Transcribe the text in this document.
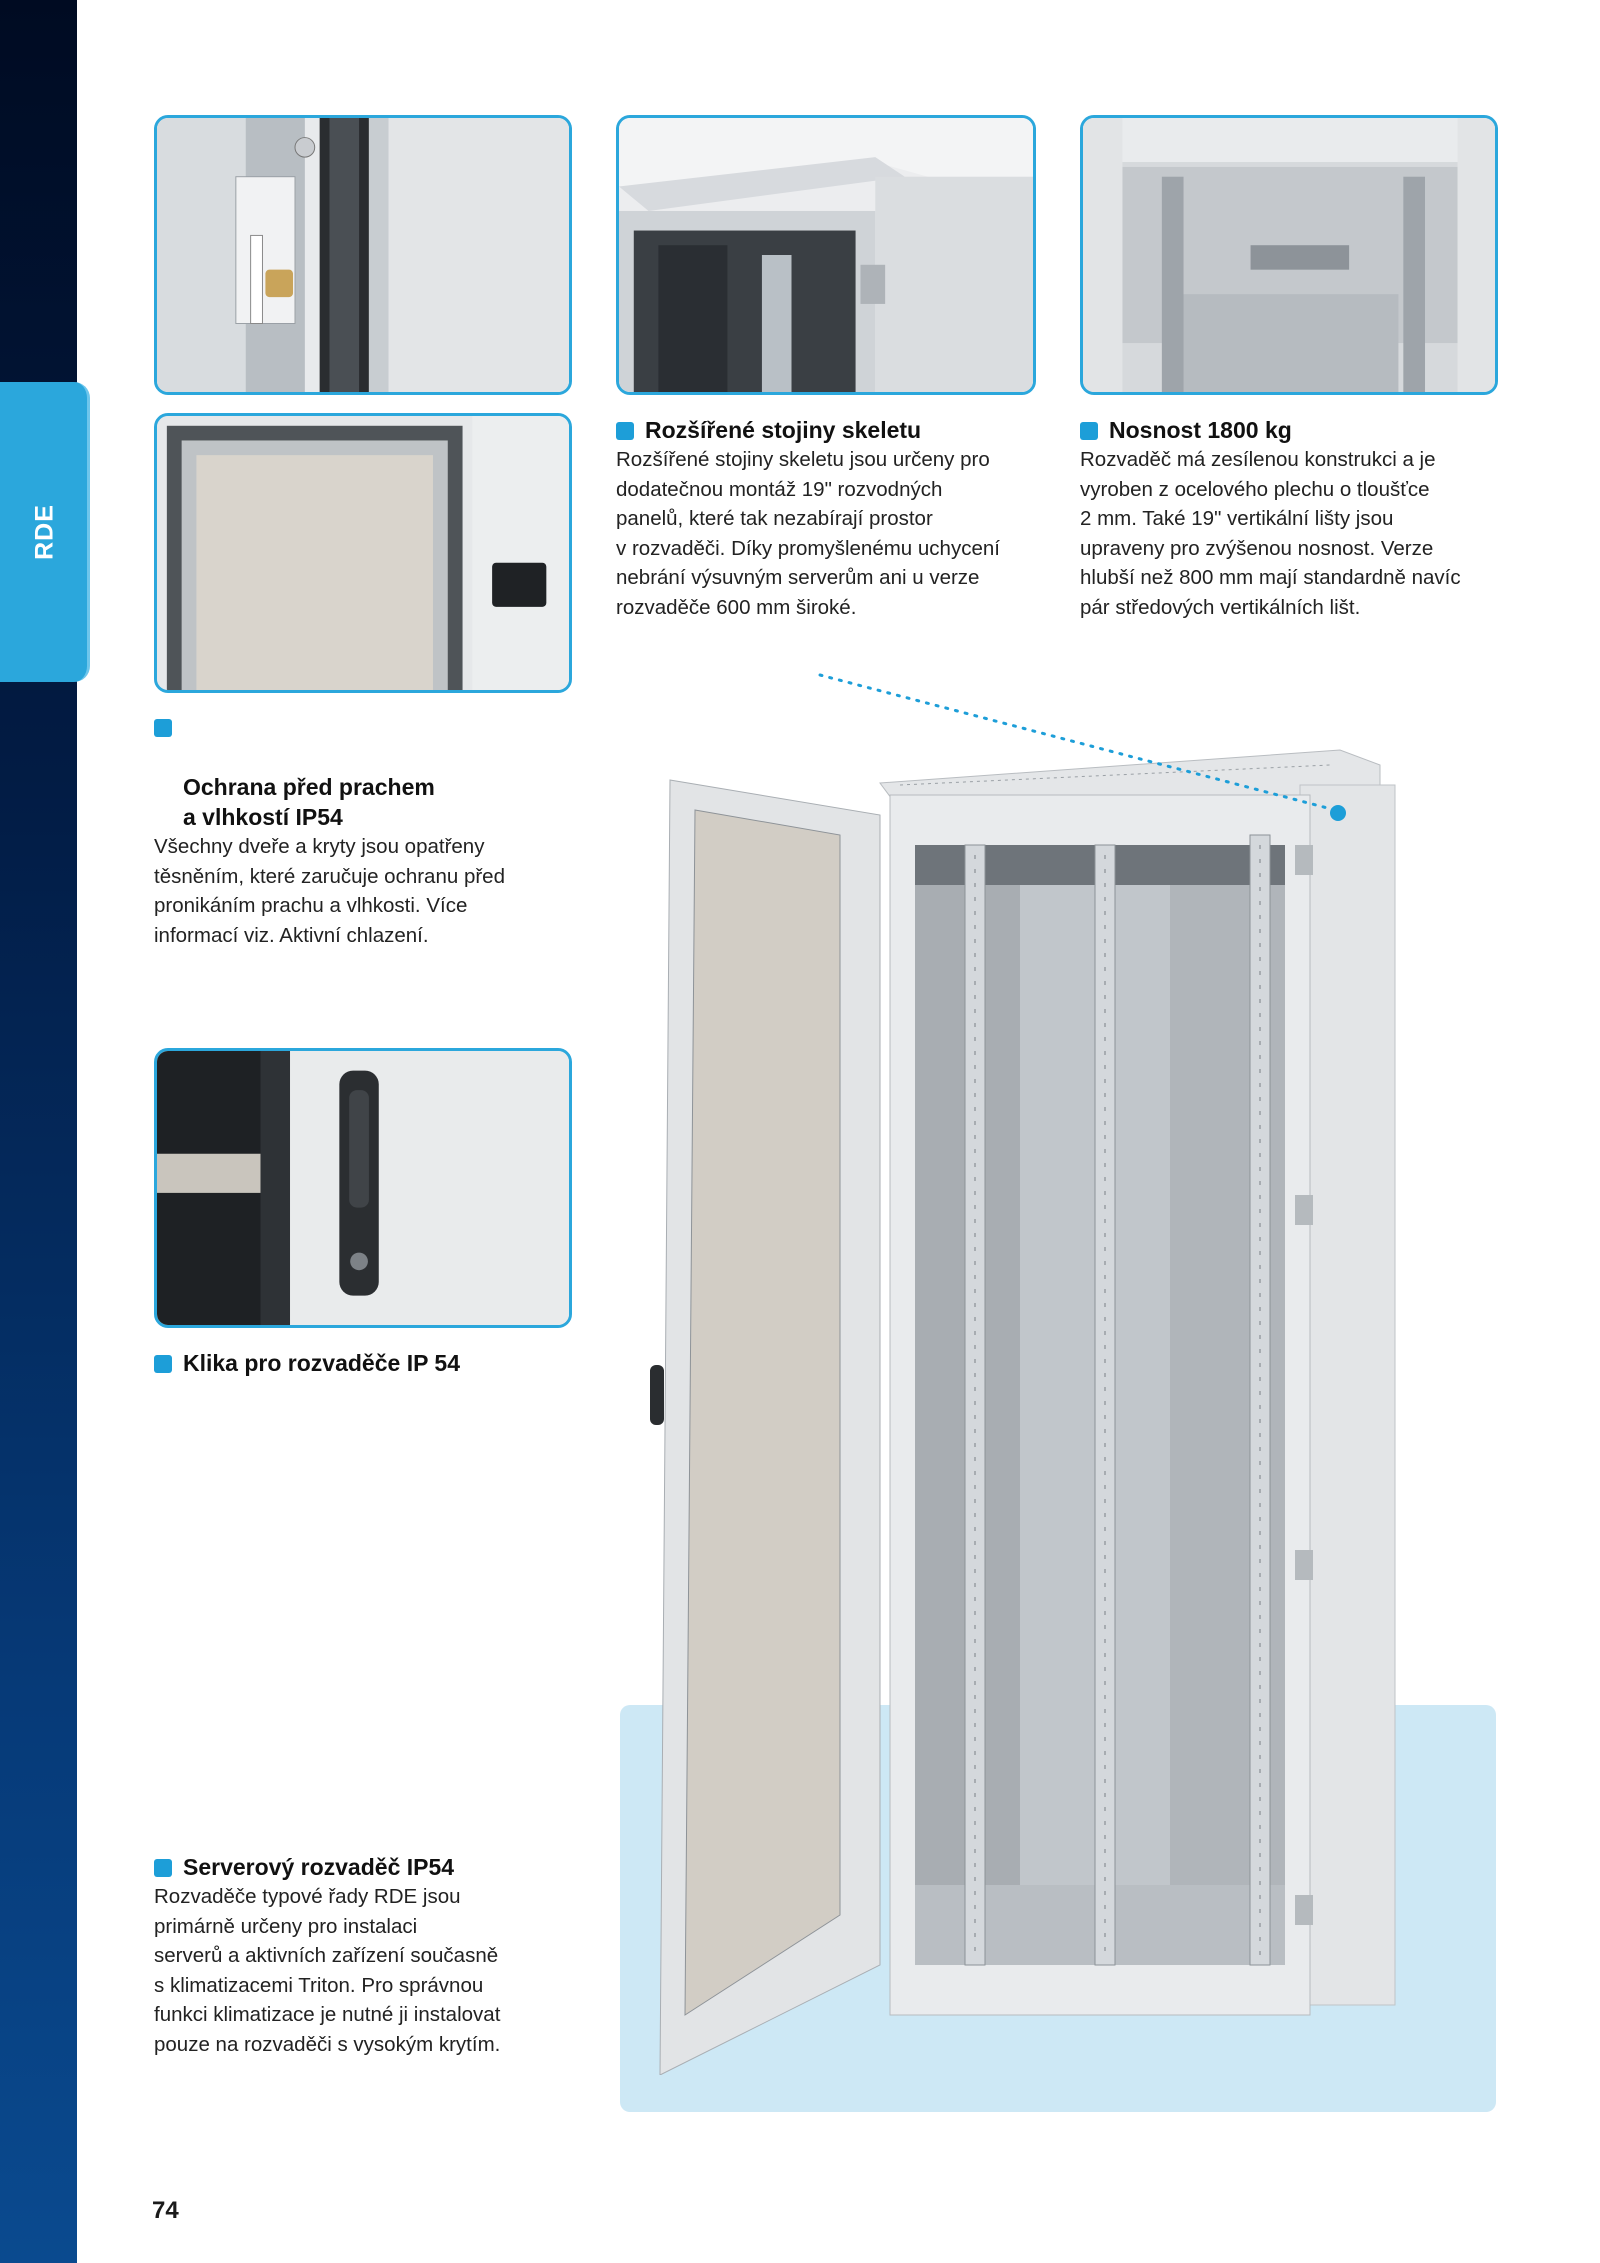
RDE
Rozšířené stojiny skeletu
Rozšířené stojiny skeletu jsou určeny pro
dodatečnou montáž 19" rozvodných
panelů, které tak nezabírají prostor
v rozvaděči. Díky promyšlenému uchycení
nebrání výsuvným serverům ani u verze
rozvaděče 600 mm široké.
Nosnost 1800 kg
Rozvaděč má zesílenou konstrukci a je
vyroben z ocelového plechu o tloušťce
2 mm. Také 19" vertikální lišty jsou
upraveny pro zvýšenou nosnost. Verze
hlubší než 800 mm mají standardně navíc
pár středových vertikálních lišt.

Ochrana před prachem
a vlhkostí IP54

Všechny dveře a kryty jsou opatřeny
těsněním, které zaručuje ochranu před
pronikáním prachu a vlhkosti. Více
informací viz. Aktivní chlazení.
Klika pro rozvaděče IP 54
Serverový rozvaděč IP54
Rozvaděče typové řady RDE jsou
primárně určeny pro instalaci
serverů a aktivních zařízení současně
s klimatizacemi Triton. Pro správnou
funkci klimatizace je nutné ji instalovat
pouze na rozvaděči s vysokým krytím.
74
